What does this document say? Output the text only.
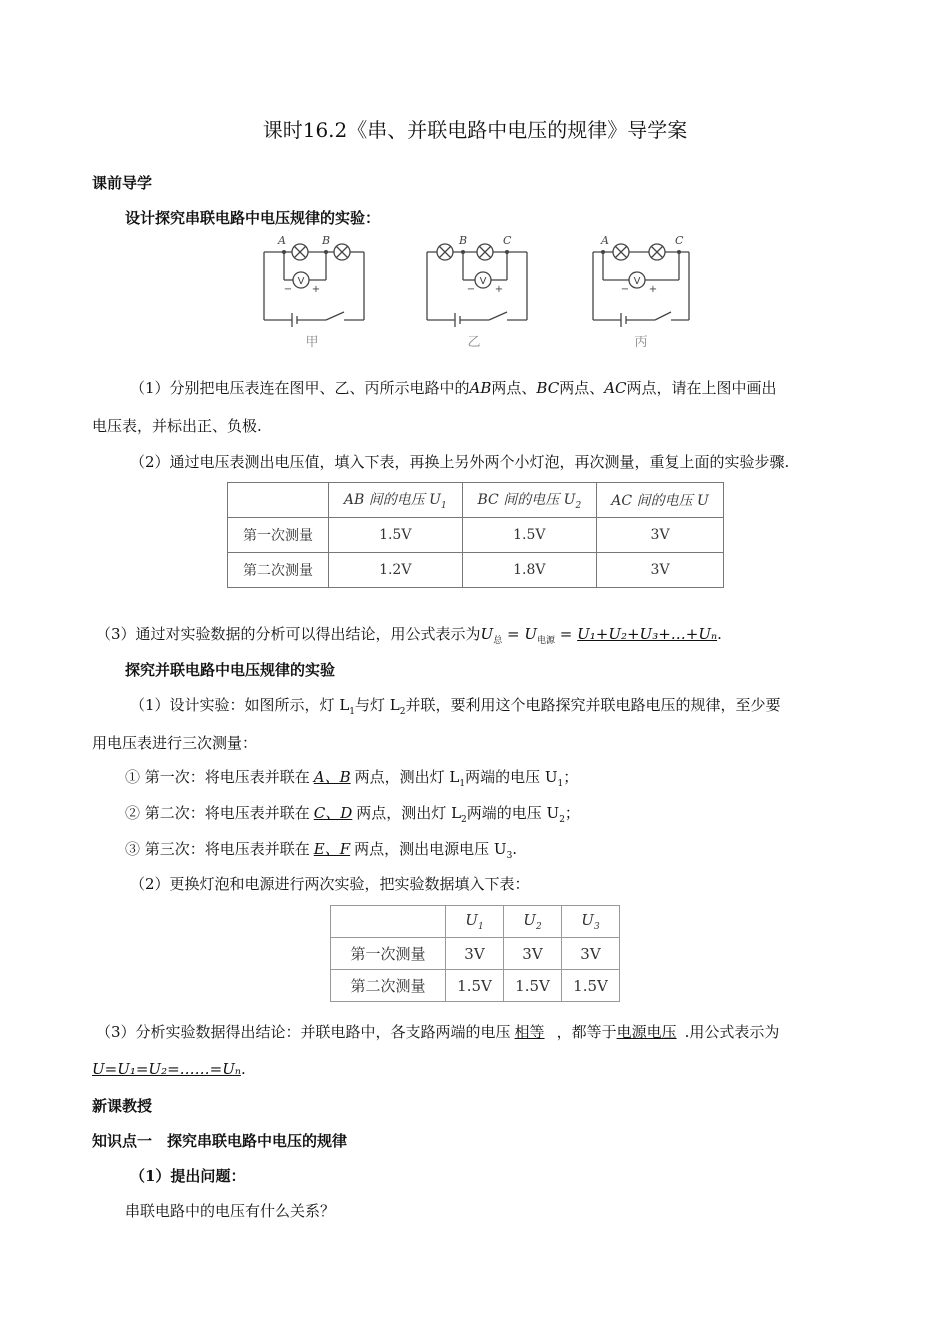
课时16.2《串、并联电路中电压的规律》导学案
课前导学
设计探究串联电路中电压规律的实验：
A	B	B	C	A	C
V	V	V
− +	− +	− +
甲	乙	丙
（1）分别把电压表连在图甲、乙、丙所示电路中的AB两点、BC两点、AC两点，请在上图中画出
电压表，并标出正、负极.
（2）通过电压表测出电压值，填入下表，再换上另外两个小灯泡，再次测量，重复上面的实验步骤.
	AB 间的电压 $U_1$	BC 间的电压 $U_2$	AC 间的电压 U
第一次测量	1.5V	1.5V	3V
第二次测量	1.2V	1.8V	3V
（3）通过对实验数据的分析可以得出结论，用公式表示为$U_总 = U_{电源}$ = U₁+U₂+U₃+…+Uₙ.
探究并联电路中电压规律的实验
（1）设计实验：如图所示，灯 $L_1$与灯 $L_2$并联，要利用这个电路探究并联电路电压的规律，至少要
用电压表进行三次测量：
① 第一次：将电压表并联在 A、B 两点，测出灯 $L_1$两端的电压 $U_1$；
② 第二次：将电压表并联在 C、D 两点，测出灯 $L_2$两端的电压 $U_2$；
③ 第三次：将电压表并联在 E、F 两点，测出电源电压 $U_3$.
（2）更换灯泡和电源进行两次实验，把实验数据填入下表：
	$U_1$	$U_2$	$U_3$
第一次测量	3V	3V	3V
第二次测量	1.5V	1.5V	1.5V
（3）分析实验数据得出结论：并联电路中，各支路两端的电压 相等 ，都等于电源电压 .用公式表示为
U=U₁=U₂=……=Uₙ.
新课教授
知识点一　探究串联电路中电压的规律
（1）提出问题：
串联电路中的电压有什么关系？
